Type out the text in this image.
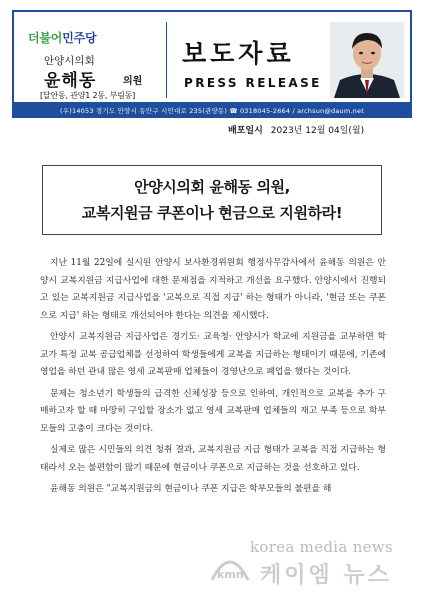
더불어민주당
안양시의회
윤해동	의원
[달안동, 관양1 2동, 부림동]
보도자료
PRESS RELEASE
(우)14053 경기도 안양시 동안구 시민대로 235(관양동) ☎ 0318045-2664 / archsun@daum.net
배포일시 2023년 12월 04일(월)
안양시의회 윤해동 의원,
교복지원금 쿠폰이나 현금으로 지원하라!

지난 11월 22일에 실시된 안양시 보사환경위원회 행정사무감사에서 윤해동 의원은 안양시 교복지원금 지급사업에 대한 문제점을 지적하고 개선을 요구했다. 안양시에서 진행되고 있는 교복지원금 지급사업을 '교복으로 직접 지급' 하는 형태가 아니라, '현금 또는 쿠폰으로 지급' 하는 형태로 개선되어야 한다는 의견을 제시했다.

안양시 교복지원금 지급사업은 경기도· 교육청· 안양시가 학교에 지원금을 교부하면 학교가 특정 교복 공급업체를 선정하여 학생들에게 교복을 지급하는 형태이기 때문에, 기존에 영업을 하던 관내 많은 영세 교복판매 업체들이 경영난으로 폐업을 했다는 것이다.

문제는 청소년기 학생들의 급격한 신체성장 등으로 인하여, 개인적으로 교복을 추가 구매하고자 할 때 마땅히 구입할 장소가 없고 영세 교복판매 업체들의 재고 부족 등으로 학부모들의 고충이 크다는 것이다.

실제로 많은 시민들의 의견 청취 결과, 교복지원금 지급 형태가 교복을 직접 지급하는 형태라서 오는 불편함이 많기 때문에 현금이나 쿠폰으로 지급하는 것을 선호하고 있다.

윤해동 의원은 "교복지원금의 현금이나 쿠폰 지급은 학부모들의 불편을 해

kmn
korea media news
케이엠 뉴스
